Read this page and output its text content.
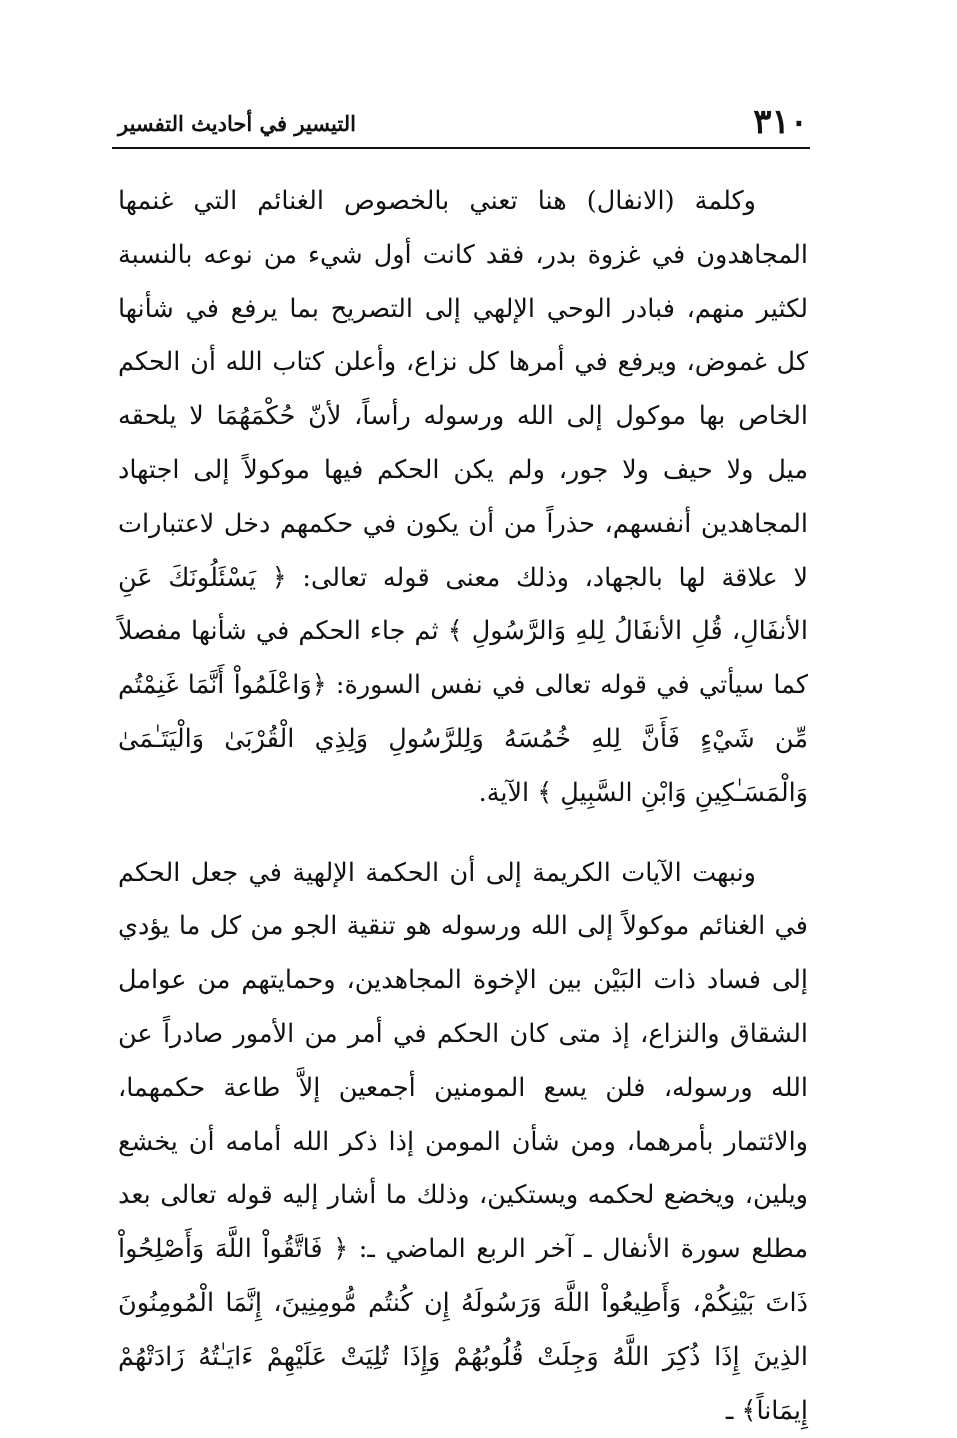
٣١٠

التيسير في أحاديث التفسير

وكلمة (الانفال) هنا تعني بالخصوص الغنائم التي غنمها المجاهدون في غزوة بدر، فقد كانت أول شيء من نوعه بالنسبة لكثير منهم، فبادر الوحي الإلهي إلى التصريح بما يرفع في شأنها كل غموض، ويرفع في أمرها كل نزاع، وأعلن كتاب الله أن الحكم الخاص بها موكول إلى الله ورسوله رأساً، لأنّ حُكْمَهُمَا لا يلحقه ميل ولا حيف ولا جور، ولم يكن الحكم فيها موكولاً إلى اجتهاد المجاهدين أنفسهم، حذراً من أن يكون في حكمهم دخل لاعتبارات لا علاقة لها بالجهاد، وذلك معنى قوله تعالى: ﴿ يَسْئَلُونَكَ عَنِ الأنفَالِ، قُلِ الأنفَالُ لِلهِ وَالرَّسُولِ ﴾ ثم جاء الحكم في شأنها مفصلاً كما سيأتي في قوله تعالى في نفس السورة: ﴿وَاعْلَمُواْ أَنَّمَا غَنِمْتُم مِّن شَيْءٍ فَأَنَّ لِلهِ خُمُسَهُ وَلِلرَّسُولِ وَلِذِي الْقُرْبَىٰ وَالْيَتَـٰمَىٰ وَالْمَسَـٰكِينِ وَابْنِ السَّبِيلِ ﴾ الآية.

ونبهت الآيات الكريمة إلى أن الحكمة الإلهية في جعل الحكم في الغنائم موكولاً إلى الله ورسوله هو تنقية الجو من كل ما يؤدي إلى فساد ذات البَيْن بين الإخوة المجاهدين، وحمايتهم من عوامل الشقاق والنزاع، إذ متى كان الحكم في أمر من الأمور صادراً عن الله ورسوله، فلن يسع المومنين أجمعين إلاَّ طاعة حكمهما، والائتمار بأمرهما، ومن شأن المومن إذا ذكر الله أمامه أن يخشع ويلين، ويخضع لحكمه ويستكين، وذلك ما أشار إليه قوله تعالى بعد مطلع سورة الأنفال ـ آخر الربع الماضي ـ: ﴿ فَاتَّقُواْ اللَّهَ وَأَصْلِحُواْ ذَاتَ بَيْنِكُمْ، وَأَطِيعُواْ اللَّهَ وَرَسُولَهُ إِن كُنتُم مُّومِنِينَ، إِنَّمَا الْمُومِنُونَ الذِينَ إِذَا ذُكِرَ اللَّهُ وَجِلَتْ قُلُوبُهُمْ وَإِذَا تُلِيَتْ عَلَيْهِمْ ءَايَـٰتُهُ زَادَتْهُمْ إِيمَاناً﴾ ـ
